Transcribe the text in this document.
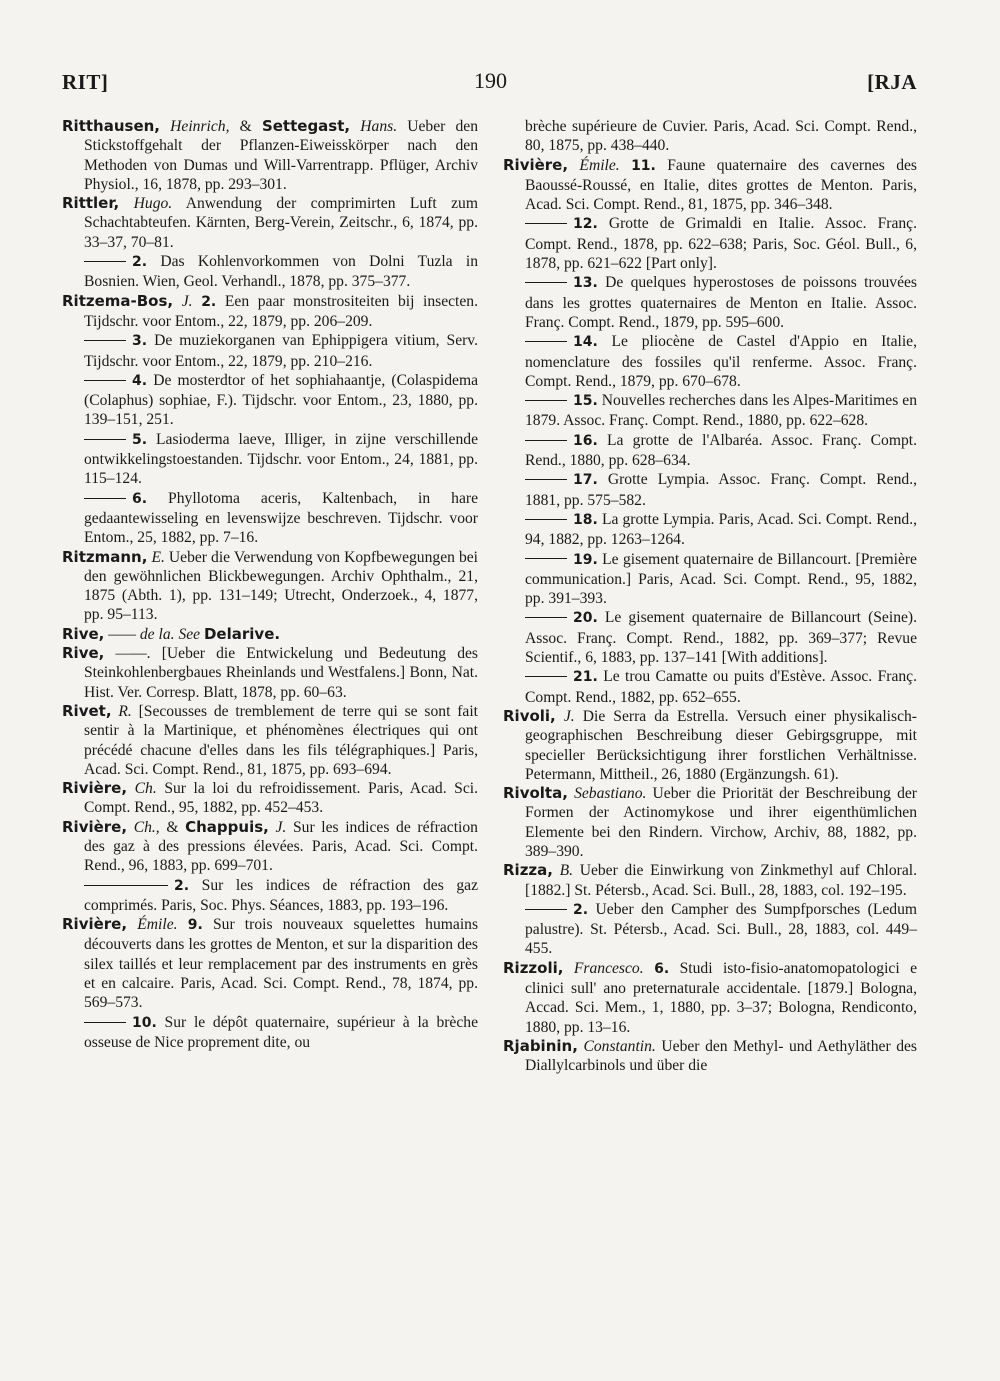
RIT]	190	[RJA

Ritthausen, Heinrich, & Settegast, Hans. Ueber den Stickstoffgehalt der Pflanzen-Eiweisskörper nach den Methoden von Dumas und Will-Varrentrapp. Pflüger, Archiv Physiol., 16, 1878, pp. 293–301.

Rittler, Hugo. Anwendung der comprimirten Luft zum Schachtabteufen. Kärnten, Berg-Verein, Zeitschr., 6, 1874, pp. 33–37, 70–81.

2. Das Kohlenvorkommen von Dolni Tuzla in Bosnien. Wien, Geol. Verhandl., 1878, pp. 375–377.

Ritzema-Bos, J. 2. Een paar monstrositeiten bij insecten. Tijdschr. voor Entom., 22, 1879, pp. 206–209.

3. De muziekorganen van Ephippigera vitium, Serv. Tijdschr. voor Entom., 22, 1879, pp. 210–216.

4. De mosterdtor of het sophiahaantje, (Colaspidema (Colaphus) sophiae, F.). Tijdschr. voor Entom., 23, 1880, pp. 139–151, 251.

5. Lasioderma laeve, Illiger, in zijne verschillende ontwikkelingstoestanden. Tijdschr. voor Entom., 24, 1881, pp. 115–124.

6. Phyllotoma aceris, Kaltenbach, in hare gedaantewisseling en levenswijze beschreven. Tijdschr. voor Entom., 25, 1882, pp. 7–16.

Ritzmann, E. Ueber die Verwendung von Kopfbewegungen bei den gewöhnlichen Blickbewegungen. Archiv Ophthalm., 21, 1875 (Abth. 1), pp. 131–149; Utrecht, Onderzoek., 4, 1877, pp. 95–113.

Rive, —— de la. See Delarive.

Rive, ——. [Ueber die Entwickelung und Bedeutung des Steinkohlenbergbaues Rheinlands und Westfalens.] Bonn, Nat. Hist. Ver. Corresp. Blatt, 1878, pp. 60–63.

Rivet, R. [Secousses de tremblement de terre qui se sont fait sentir à la Martinique, et phénomènes électriques qui ont précédé chacune d'elles dans les fils télégraphiques.] Paris, Acad. Sci. Compt. Rend., 81, 1875, pp. 693–694.

Rivière, Ch. Sur la loi du refroidissement. Paris, Acad. Sci. Compt. Rend., 95, 1882, pp. 452–453.

Rivière, Ch., & Chappuis, J. Sur les indices de réfraction des gaz à des pressions élevées. Paris, Acad. Sci. Compt. Rend., 96, 1883, pp. 699–701.

2. Sur les indices de réfraction des gaz comprimés. Paris, Soc. Phys. Séances, 1883, pp. 193–196.

Rivière, Émile. 9. Sur trois nouveaux squelettes humains découverts dans les grottes de Menton, et sur la disparition des silex taillés et leur remplacement par des instruments en grès et en calcaire. Paris, Acad. Sci. Compt. Rend., 78, 1874, pp. 569–573.

10. Sur le dépôt quaternaire, supérieur à la brèche osseuse de Nice proprement dite, ou

brèche supérieure de Cuvier. Paris, Acad. Sci. Compt. Rend., 80, 1875, pp. 438–440.

Rivière, Émile. 11. Faune quaternaire des cavernes des Baoussé-Roussé, en Italie, dites grottes de Menton. Paris, Acad. Sci. Compt. Rend., 81, 1875, pp. 346–348.

12. Grotte de Grimaldi en Italie. Assoc. Franç. Compt. Rend., 1878, pp. 622–638; Paris, Soc. Géol. Bull., 6, 1878, pp. 621–622 [Part only].

13. De quelques hyperostoses de poissons trouvées dans les grottes quaternaires de Menton en Italie. Assoc. Franç. Compt. Rend., 1879, pp. 595–600.

14. Le pliocène de Castel d'Appio en Italie, nomenclature des fossiles qu'il renferme. Assoc. Franç. Compt. Rend., 1879, pp. 670–678.

15. Nouvelles recherches dans les Alpes-Maritimes en 1879. Assoc. Franç. Compt. Rend., 1880, pp. 622–628.

16. La grotte de l'Albaréa. Assoc. Franç. Compt. Rend., 1880, pp. 628–634.

17. Grotte Lympia. Assoc. Franç. Compt. Rend., 1881, pp. 575–582.

18. La grotte Lympia. Paris, Acad. Sci. Compt. Rend., 94, 1882, pp. 1263–1264.

19. Le gisement quaternaire de Billancourt. [Première communication.] Paris, Acad. Sci. Compt. Rend., 95, 1882, pp. 391–393.

20. Le gisement quaternaire de Billancourt (Seine). Assoc. Franç. Compt. Rend., 1882, pp. 369–377; Revue Scientif., 6, 1883, pp. 137–141 [With additions].

21. Le trou Camatte ou puits d'Estève. Assoc. Franç. Compt. Rend., 1882, pp. 652–655.

Rivoli, J. Die Serra da Estrella. Versuch einer physikalisch-geographischen Beschreibung dieser Gebirgsgruppe, mit specieller Berücksichtigung ihrer forstlichen Verhältnisse. Petermann, Mittheil., 26, 1880 (Ergänzungsh. 61).

Rivolta, Sebastiano. Ueber die Priorität der Beschreibung der Formen der Actinomykose und ihrer eigenthümlichen Elemente bei den Rindern. Virchow, Archiv, 88, 1882, pp. 389–390.

Rizza, B. Ueber die Einwirkung von Zinkmethyl auf Chloral. [1882.] St. Pétersb., Acad. Sci. Bull., 28, 1883, col. 192–195.

2. Ueber den Campher des Sumpfporsches (Ledum palustre). St. Pétersb., Acad. Sci. Bull., 28, 1883, col. 449–455.

Rizzoli, Francesco. 6. Studi isto-fisio-anatomopatologici e clinici sull' ano preternaturale accidentale. [1879.] Bologna, Accad. Sci. Mem., 1, 1880, pp. 3–37; Bologna, Rendiconto, 1880, pp. 13–16.

Rjabinin, Constantin. Ueber den Methyl- und Aethyläther des Diallylcarbinols und über die
